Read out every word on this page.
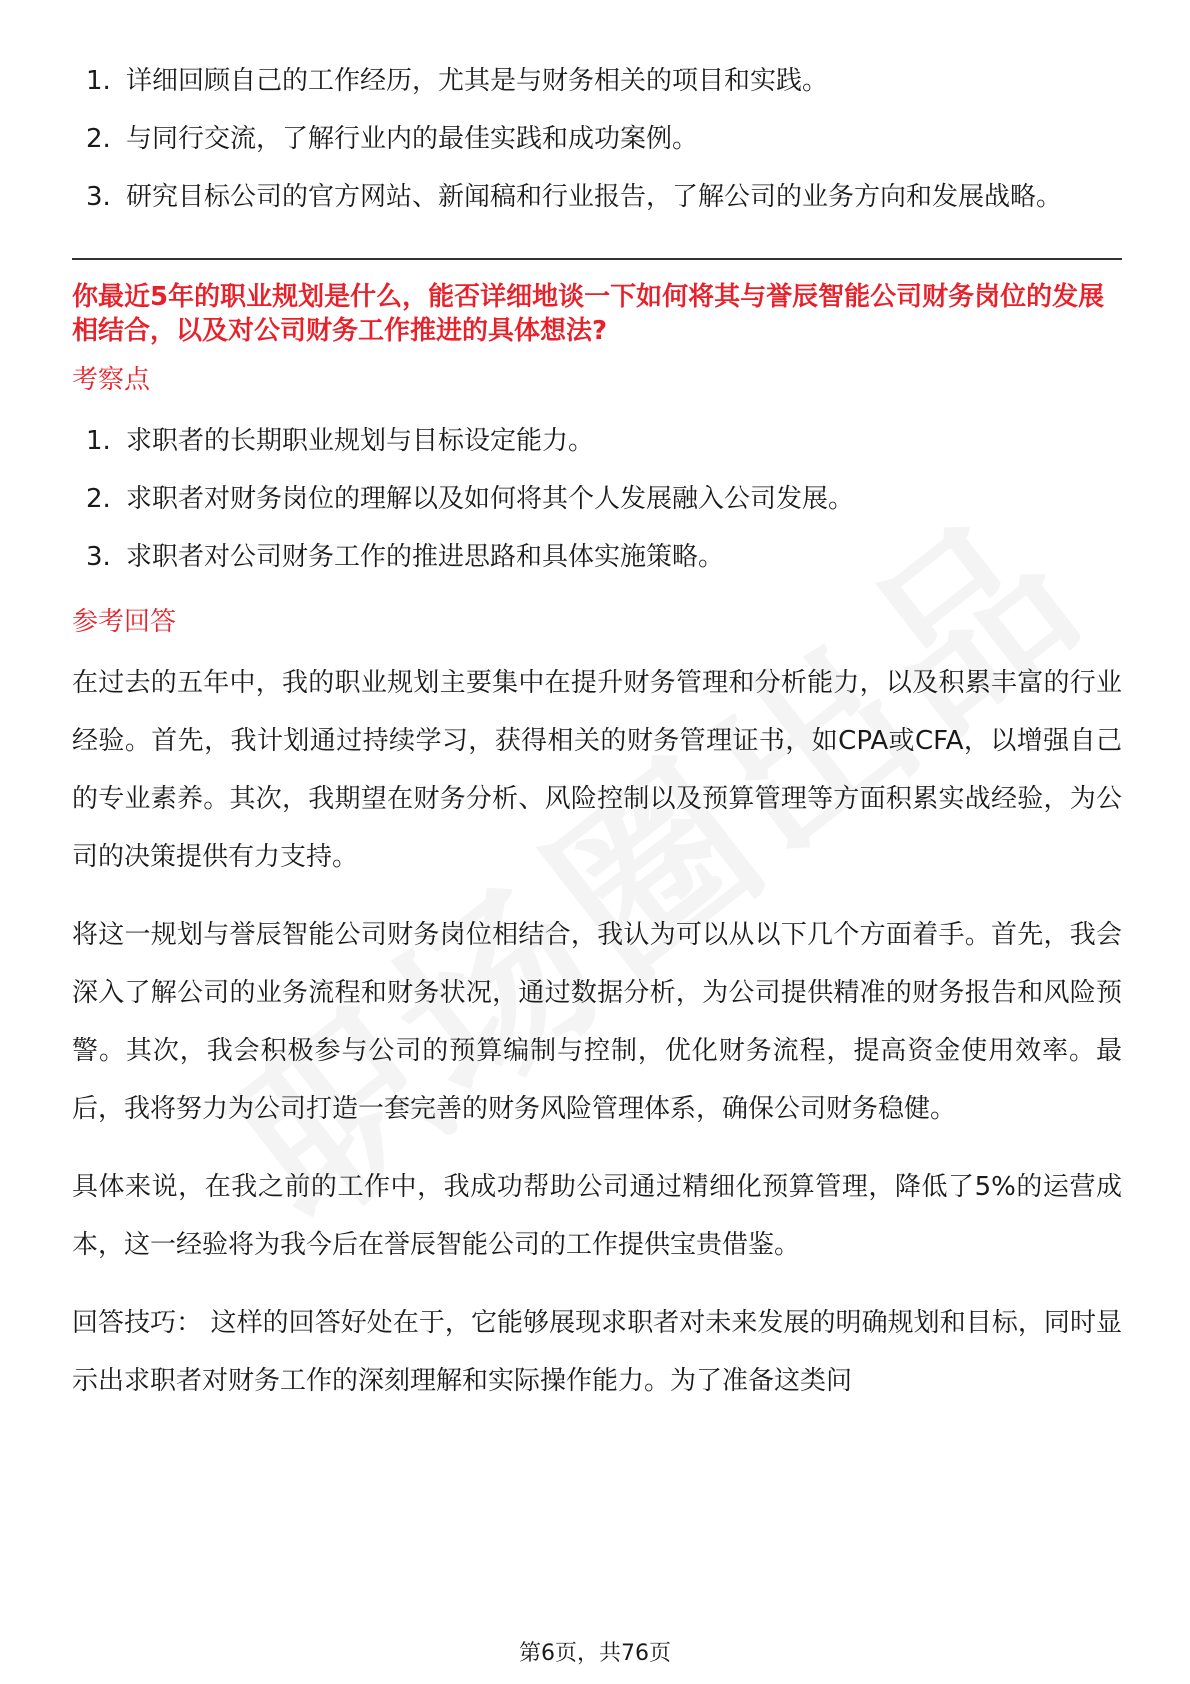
1. 详细回顾自己的工作经历，尤其是与财务相关的项目和实践。
2. 与同行交流，了解行业内的最佳实践和成功案例。
3. 研究目标公司的官方网站、新闻稿和行业报告，了解公司的业务方向和发展战略。

你最近5年的职业规划是什么，能否详细地谈一下如何将其与誉辰智能公司财务岗位的发展相结合，以及对公司财务工作推进的具体想法?

考察点

1. 求职者的长期职业规划与目标设定能力。
2. 求职者对财务岗位的理解以及如何将其个人发展融入公司发展。
3. 求职者对公司财务工作的推进思路和具体实施策略。

参考回答

在过去的五年中，我的职业规划主要集中在提升财务管理和分析能力，以及积累丰富的行业经验。首先，我计划通过持续学习，获得相关的财务管理证书，如CPA或CFA，以增强自己的专业素养。其次，我期望在财务分析、风险控制以及预算管理等方面积累实战经验，为公司的决策提供有力支持。

将这一规划与誉辰智能公司财务岗位相结合，我认为可以从以下几个方面着手。首先，我会深入了解公司的业务流程和财务状况，通过数据分析，为公司提供精准的财务报告和风险预警。其次，我会积极参与公司的预算编制与控制，优化财务流程，提高资金使用效率。最后，我将努力为公司打造一套完善的财务风险管理体系，确保公司财务稳健。

具体来说，在我之前的工作中，我成功帮助公司通过精细化预算管理，降低了5%的运营成本，这一经验将为我今后在誉辰智能公司的工作提供宝贵借鉴。

回答技巧： 这样的回答好处在于，它能够展现求职者对未来发展的明确规划和目标，同时显示出求职者对财务工作的深刻理解和实际操作能力。为了准备这类问

第6页，共76页
